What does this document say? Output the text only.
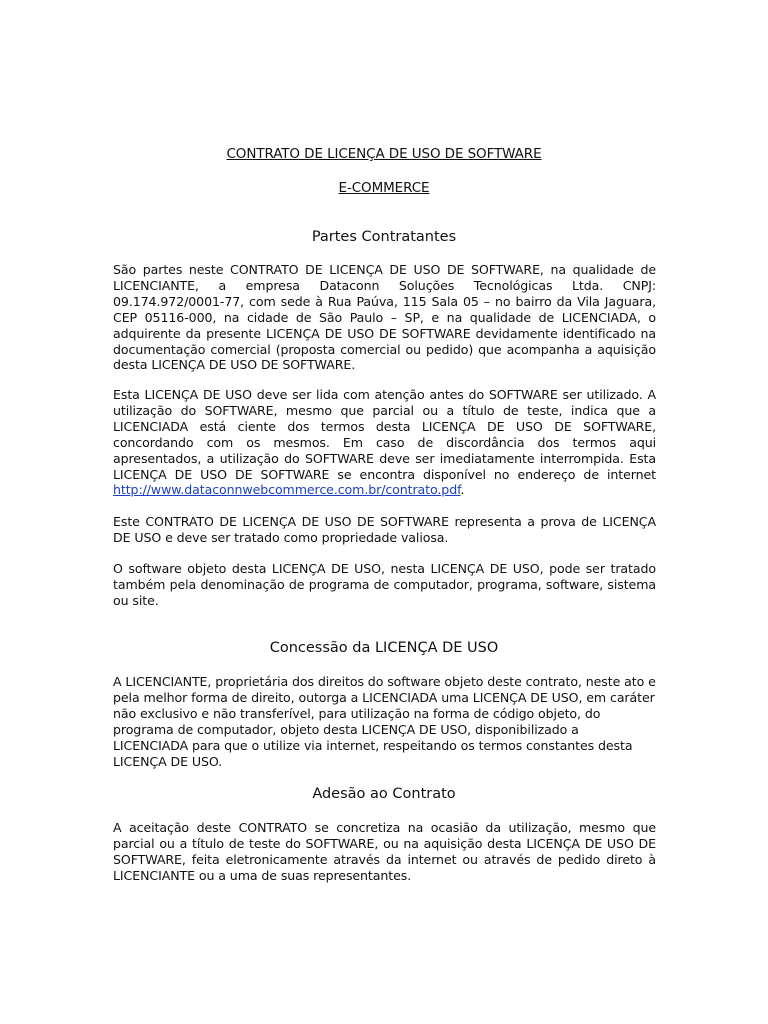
CONTRATO DE LICENÇA DE USO DE SOFTWARE
E-COMMERCE
Partes Contratantes
São partes neste CONTRATO DE LICENÇA DE USO DE SOFTWARE, na qualidade de LICENCIANTE, a empresa Dataconn Soluções Tecnológicas Ltda. CNPJ: 09.174.972/0001-77, com sede à Rua Paúva, 115 Sala 05 – no bairro da Vila Jaguara, CEP 05116-000, na cidade de São Paulo – SP, e na qualidade de LICENCIADA, o adquirente da presente LICENÇA DE USO DE SOFTWARE devidamente identificado na documentação comercial (proposta comercial ou pedido) que acompanha a aquisição desta LICENÇA DE USO DE SOFTWARE.
Esta LICENÇA DE USO deve ser lida com atenção antes do SOFTWARE ser utilizado. A utilização do SOFTWARE, mesmo que parcial ou a título de teste, indica que a LICENCIADA está ciente dos termos desta LICENÇA DE USO DE SOFTWARE, concordando com os mesmos. Em caso de discordância dos termos aqui apresentados, a utilização do SOFTWARE deve ser imediatamente interrompida. Esta LICENÇA DE USO DE SOFTWARE se encontra disponível no endereço de internet http://www.dataconnwebcommerce.com.br/contrato.pdf.
Este CONTRATO DE LICENÇA DE USO DE SOFTWARE representa a prova de LICENÇA DE USO e deve ser tratado como propriedade valiosa.
O software objeto desta LICENÇA DE USO, nesta LICENÇA DE USO, pode ser tratado também pela denominação de programa de computador, programa, software, sistema ou site.
Concessão da LICENÇA DE USO
A LICENCIANTE, proprietária dos direitos do software objeto deste contrato, neste ato e pela melhor forma de direito, outorga a LICENCIADA uma LICENÇA DE USO, em caráter não exclusivo e não transferível, para utilização na forma de código objeto, do programa de computador, objeto desta LICENÇA DE USO, disponibilizado a LICENCIADA para que o utilize via internet, respeitando os termos constantes desta LICENÇA DE USO.
Adesão ao Contrato
A aceitação deste CONTRATO se concretiza na ocasião da utilização, mesmo que parcial ou a título de teste do SOFTWARE, ou na aquisição desta LICENÇA DE USO DE SOFTWARE, feita eletronicamente através da internet ou através de pedido direto à LICENCIANTE ou a uma de suas representantes.
